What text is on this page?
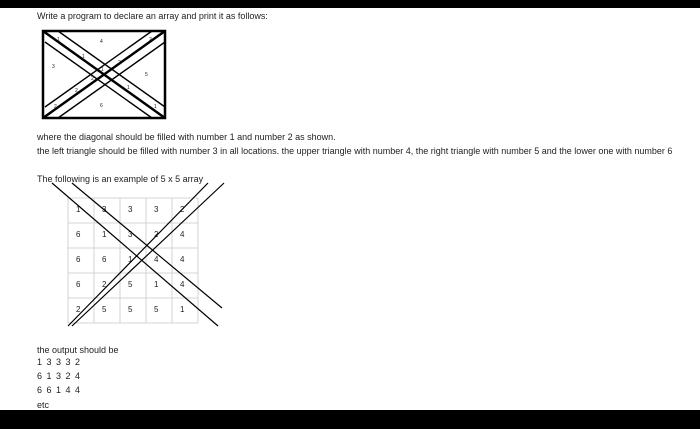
Write a program to declare an array and print it as follows:
4
3
5
6
1
1
1
1
1
2
2
2
2
2
where the diagonal should be filled with number 1 and number 2 as shown.
the left triangle should be filled with number 3 in all locations. the upper triangle with number 4, the right triangle with number 5 and the lower one with number 6
The following is an example of 5 x 5 array
1	3	3	3	2
6	1	3	2	4
6	6	1	4	4
6	2	5	1	4
2	5	5	5	1
the output should be
1 3 3 3 2
6 1 3 2 4
6 6 1 4 4
etc
